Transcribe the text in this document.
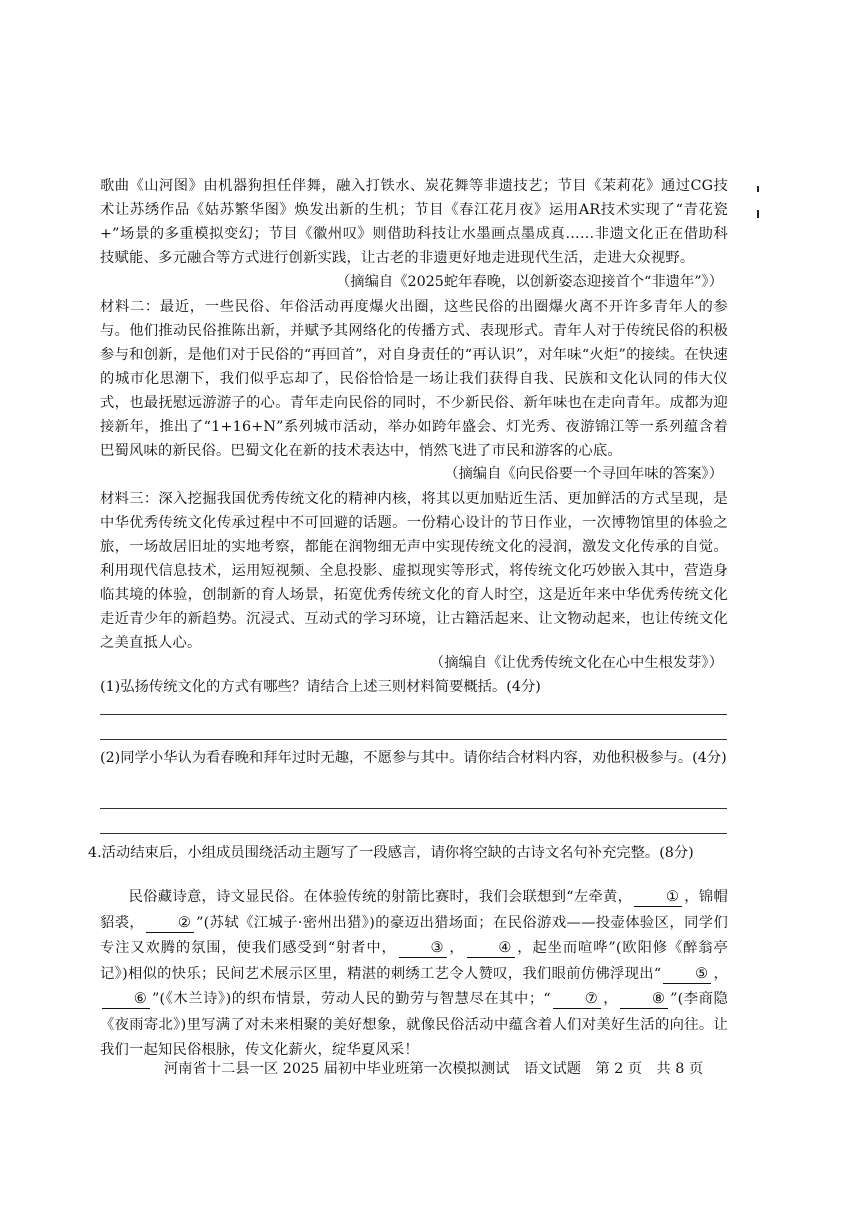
歌曲《山河图》由机器狗担任伴舞，融入打铁水、炭花舞等非遗技艺；节目《茉莉花》通过CG技术让苏绣作品《姑苏繁华图》焕发出新的生机；节目《春江花月夜》运用AR技术实现了“青花瓷+”场景的多重模拟变幻；节目《徽州叹》则借助科技让水墨画点墨成真……非遗文化正在借助科技赋能、多元融合等方式进行创新实践，让古老的非遗更好地走进现代生活，走进大众视野。

（摘编自《2025蛇年春晚，以创新姿态迎接首个“非遗年”》）

材料二：最近，一些民俗、年俗活动再度爆火出圈，这些民俗的出圈爆火离不开许多青年人的参与。他们推动民俗推陈出新，并赋予其网络化的传播方式、表现形式。青年人对于传统民俗的积极参与和创新，是他们对于民俗的“再回首”，对自身责任的“再认识”，对年味“火炬”的接续。在快速的城市化思潮下，我们似乎忘却了，民俗恰恰是一场让我们获得自我、民族和文化认同的伟大仪式，也最抚慰远游游子的心。青年走向民俗的同时，不少新民俗、新年味也在走向青年。成都为迎接新年，推出了“1+16+N”系列城市活动，举办如跨年盛会、灯光秀、夜游锦江等一系列蕴含着巴蜀风味的新民俗。巴蜀文化在新的技术表达中，悄然飞进了市民和游客的心底。

（摘编自《向民俗要一个寻回年味的答案》）

材料三：深入挖掘我国优秀传统文化的精神内核，将其以更加贴近生活、更加鲜活的方式呈现，是中华优秀传统文化传承过程中不可回避的话题。一份精心设计的节日作业，一次博物馆里的体验之旅，一场故居旧址的实地考察，都能在润物细无声中实现传统文化的浸润，激发文化传承的自觉。利用现代信息技术，运用短视频、全息投影、虚拟现实等形式，将传统文化巧妙嵌入其中，营造身临其境的体验，创制新的育人场景，拓宽优秀传统文化的育人时空，这是近年来中华优秀传统文化走近青少年的新趋势。沉浸式、互动式的学习环境，让古籍活起来、让文物动起来，也让传统文化之美直抵人心。

（摘编自《让优秀传统文化在心中生根发芽》）

(1)弘扬传统文化的方式有哪些？请结合上述三则材料简要概括。(4分)

(2)同学小华认为看春晚和拜年过时无趣，不愿参与其中。请你结合材料内容，劝他积极参与。(4分)

4.活动结束后，小组成员围绕活动主题写了一段感言，请你将空缺的古诗文名句补充完整。(8分)

民俗藏诗意，诗文显民俗。在体验传统的射箭比赛时，我们会联想到“左牵黄， ① ，锦帽貂裘， ② ”(苏轼《江城子·密州出猎》)的豪迈出猎场面；在民俗游戏——投壶体验区，同学们专注又欢腾的氛围，使我们感受到“射者中， ③ ， ④ ，起坐而喧哗”(欧阳修《醉翁亭记》)相似的快乐；民间艺术展示区里，精湛的刺绣工艺令人赞叹，我们眼前仿佛浮现出“ ⑤ ，⑥ ”(《木兰诗》)的织布情景，劳动人民的勤劳与智慧尽在其中；“ ⑦ ， ⑧ ”(李商隐《夜雨寄北》)里写满了对未来相聚的美好想象，就像民俗活动中蕴含着人们对美好生活的向往。让我们一起知民俗根脉，传文化薪火，绽华夏风采！

河南省十二县一区 2025 届初中毕业班第一次模拟测试　语文试题　第 2 页　共 8 页
